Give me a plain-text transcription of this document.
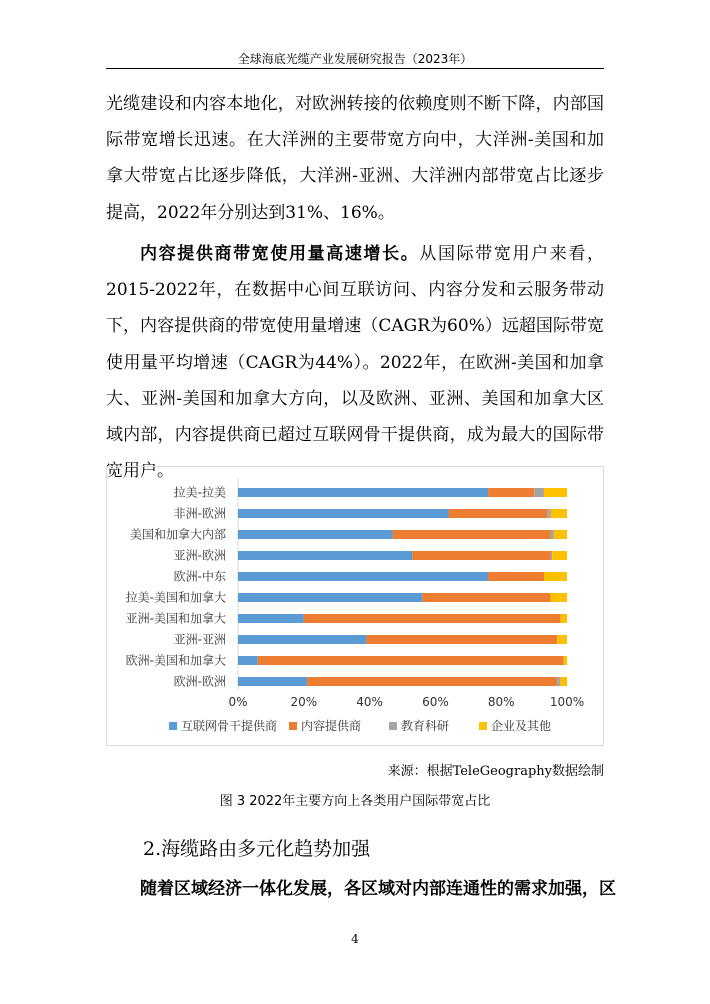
全球海底光缆产业发展研究报告（2023年）

光缆建设和内容本地化，对欧洲转接的依赖度则不断下降，内部国际带宽增长迅速。在大洋洲的主要带宽方向中，大洋洲-美国和加拿大带宽占比逐步降低，大洋洲-亚洲、大洋洲内部带宽占比逐步提高，2022年分别达到31%、16%。

内容提供商带宽使用量高速增长。从国际带宽用户来看，2015-2022年，在数据中心间互联访问、内容分发和云服务带动下，内容提供商的带宽使用量增速（CAGR为60%）远超国际带宽使用量平均增速（CAGR为44%）。2022年，在欧洲-美国和加拿大、亚洲-美国和加拿大方向，以及欧洲、亚洲、美国和加拿大区域内部，内容提供商已超过互联网骨干提供商，成为最大的国际带宽用户。

拉美-拉美
非洲-欧洲
美国和加拿大内部
亚洲-欧洲
欧洲-中东
拉美-美国和加拿大
亚洲-美国和加拿大
亚洲-亚洲
欧洲-美国和加拿大
欧洲-欧洲
0%	20%	40%	60%	80%	100%
互联网骨干提供商 内容提供商	教育科研	企业及其他
来源：根据TeleGeography数据绘制
图 3 2022年主要方向上各类用户国际带宽占比
2.海缆路由多元化趋势加强
随着区域经济一体化发展，各区域对内部连通性的需求加强，区
4
